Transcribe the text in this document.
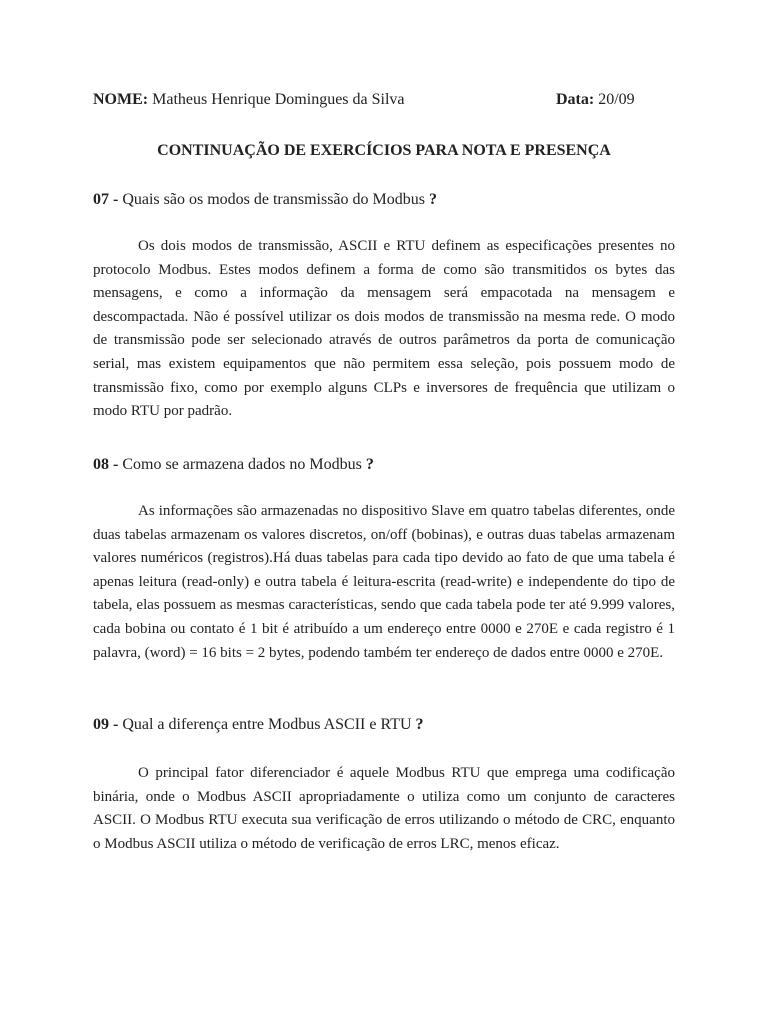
NOME: Matheus Henrique Domingues da Silva	Data: 20/09
CONTINUAÇÃO DE EXERCÍCIOS PARA NOTA E PRESENÇA
07 - Quais são os modos de transmissão do Modbus ?
Os dois modos de transmissão, ASCII e RTU definem as especificações presentes no protocolo Modbus. Estes modos definem a forma de como são transmitidos os bytes das mensagens, e como a informação da mensagem será empacotada na mensagem e descompactada. Não é possível utilizar os dois modos de transmissão na mesma rede. O modo de transmissão pode ser selecionado através de outros parâmetros da porta de comunicação serial, mas existem equipamentos que não permitem essa seleção, pois possuem modo de transmissão fixo, como por exemplo alguns CLPs e inversores de frequência que utilizam o modo RTU por padrão.
08 - Como se armazena dados no Modbus ?
As informações são armazenadas no dispositivo Slave em quatro tabelas diferentes, onde duas tabelas armazenam os valores discretos, on/off (bobinas), e outras duas tabelas armazenam valores numéricos (registros).Há duas tabelas para cada tipo devido ao fato de que uma tabela é apenas leitura (read-only) e outra tabela é leitura-escrita (read-write) e independente do tipo de tabela, elas possuem as mesmas características, sendo que cada tabela pode ter até 9.999 valores, cada bobina ou contato é 1 bit é atribuído a um endereço entre 0000 e 270E e cada registro é 1 palavra, (word) = 16 bits = 2 bytes, podendo também ter endereço de dados entre 0000 e 270E.
09 - Qual a diferença entre Modbus ASCII e RTU ?
O principal fator diferenciador é aquele Modbus RTU que emprega uma codificação binária, onde o Modbus ASCII apropriadamente o utiliza como um conjunto de caracteres ASCII. O Modbus RTU executa sua verificação de erros utilizando o método de CRC, enquanto o Modbus ASCII utiliza o método de verificação de erros LRC, menos eficaz.
